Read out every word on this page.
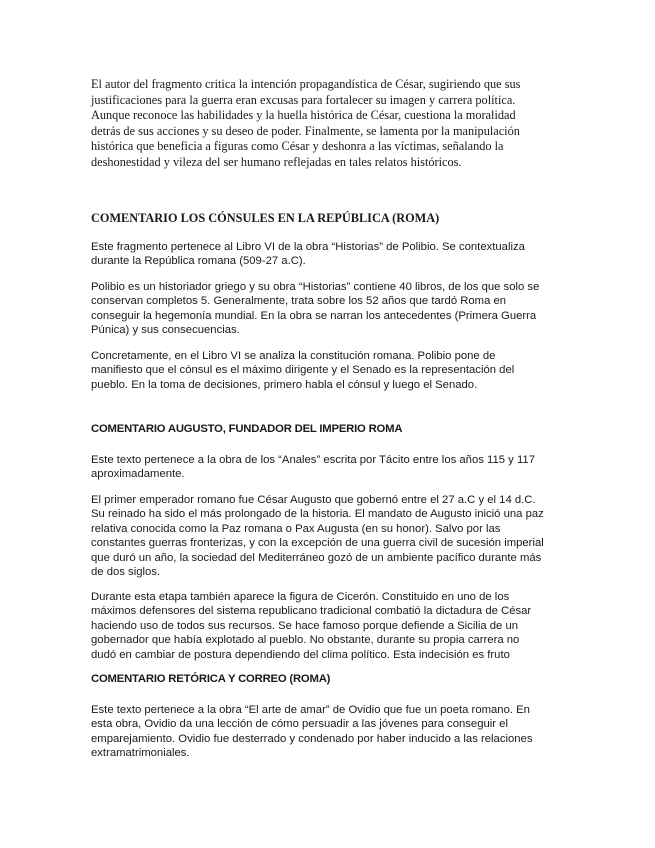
El autor del fragmento critica la intención propagandística de César, sugiriendo que sus
justificaciones para la guerra eran excusas para fortalecer su imagen y carrera política.
Aunque reconoce las habilidades y la huella histórica de César, cuestiona la moralidad
detrás de sus acciones y su deseo de poder. Finalmente, se lamenta por la manipulación
histórica que beneficia a figuras como César y deshonra a las víctimas, señalando la
deshonestidad y vileza del ser humano reflejadas en tales relatos históricos.
COMENTARIO LOS CÓNSULES EN LA REPÚBLICA (ROMA)
Este fragmento pertenece al Libro VI de la obra “Historias” de Polibio. Se contextualiza
durante la República romana (509-27 a.C).
Polibio es un historiador griego y su obra “Historias” contiene 40 libros, de los que solo se
conservan completos 5. Generalmente, trata sobre los 52 años que tardó Roma en
conseguir la hegemonía mundial. En la obra se narran los antecedentes (Primera Guerra
Púnica) y sus consecuencias.
Concretamente, en el Libro VI se analiza la constitución romana. Polibio pone de
manifiesto que el cónsul es el máximo dirigente y el Senado es la representación del
pueblo. En la toma de decisiones, primero habla el cónsul y luego el Senado.
COMENTARIO AUGUSTO, FUNDADOR DEL IMPERIO ROMA
Este texto pertenece a la obra de los “Anales” escrita por Tácito entre los años 115 y 117
aproximadamente.
El primer emperador romano fue César Augusto que gobernó entre el 27 a.C y el 14 d.C.
Su reinado ha sido el más prolongado de la historia. El mandato de Augusto inició una paz
relativa conocida como la Paz romana o Pax Augusta (en su honor). Salvo por las
constantes guerras fronterizas, y con la excepción de una guerra civil de sucesión imperial
que duró un año, la sociedad del Mediterráneo gozó de un ambiente pacífico durante más
de dos siglos.
Durante esta etapa también aparece la figura de Cicerón. Constituido en uno de los
máximos defensores del sistema republicano tradicional combatió la dictadura de César
haciendo uso de todos sus recursos. Se hace famoso porque defiende a Sicilia de un
gobernador que había explotado al pueblo. No obstante, durante su propia carrera no
dudó en cambiar de postura dependiendo del clima político. Esta indecisión es fruto
COMENTARIO RETÓRICA Y CORREO (ROMA)
Este texto pertenece a la obra “El arte de amar” de Ovidio que fue un poeta romano. En
esta obra, Ovidio da una lección de cómo persuadir a las jóvenes para conseguir el
emparejamiento. Ovidio fue desterrado y condenado por haber inducido a las relaciones
extramatrimoniales.
